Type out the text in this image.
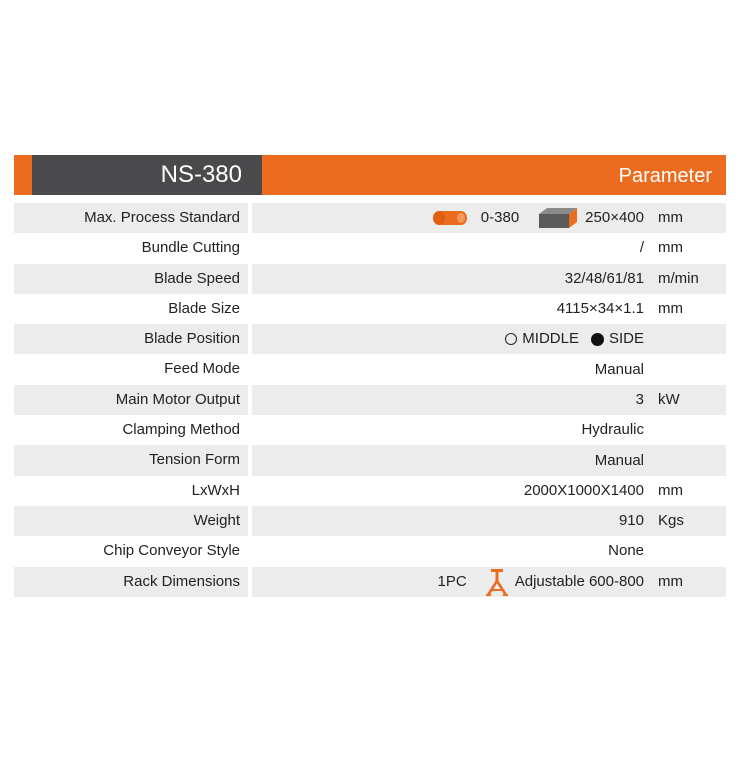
NS-380	Parameter
Max. Process Standard	0-380	250×400 mm
Bundle Cutting	/ mm
Blade Speed	32/48/61/81 m/min
Blade Size	4115×34×1.1 mm
Blade Position	MIDDLE SIDE
Feed Mode	Manual
Main Motor Output	3 kW
Clamping Method	Hydraulic
Tension Form	Manual
LxWxH	2000X1000X1400 mm
Weight	910 Kgs
Chip Conveyor Style	None
Rack Dimensions	1PC	Adjustable 600-800 mm
